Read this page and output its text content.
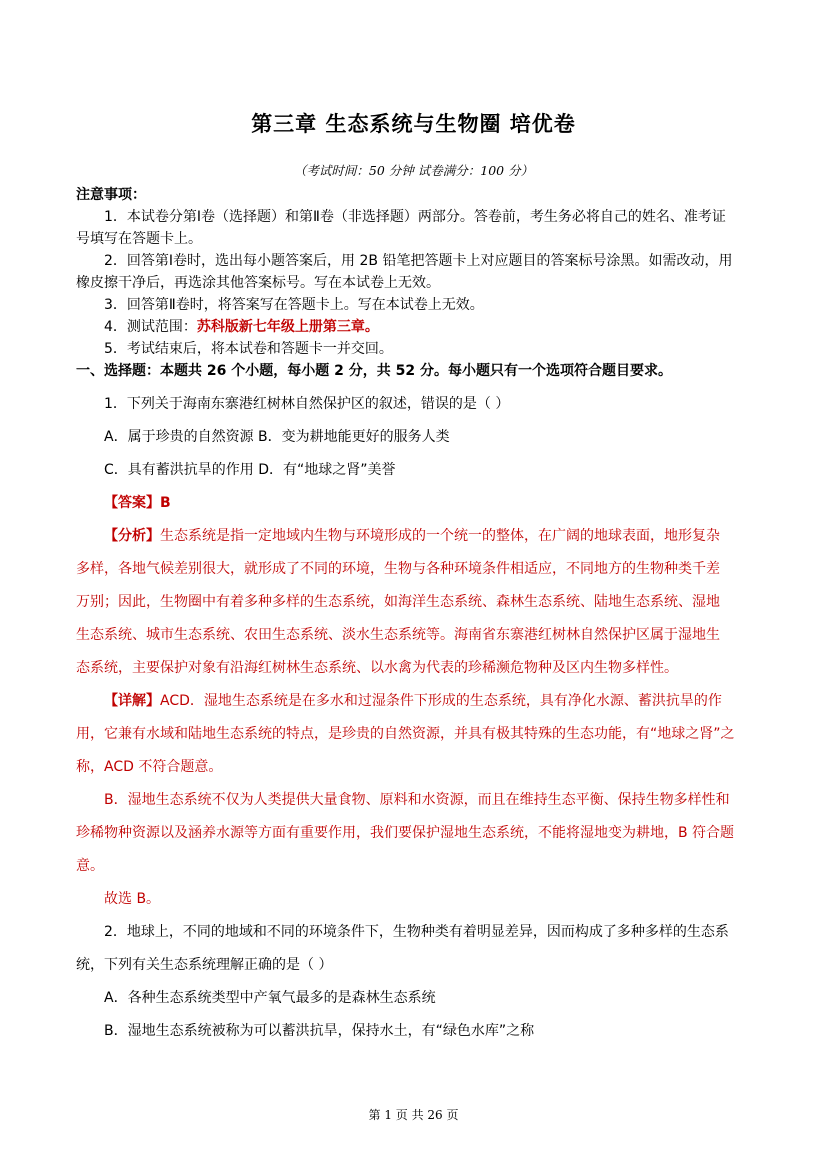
第三章 生态系统与生物圈 培优卷
（考试时间：50 分钟 试卷满分：100 分）
注意事项：
1．本试卷分第Ⅰ卷（选择题）和第Ⅱ卷（非选择题）两部分。答卷前，考生务必将自己的姓名、准考证
号填写在答题卡上。
2．回答第Ⅰ卷时，选出每小题答案后，用 2B 铅笔把答题卡上对应题目的答案标号涂黑。如需改动，用
橡皮擦干净后，再选涂其他答案标号。写在本试卷上无效。
3．回答第Ⅱ卷时，将答案写在答题卡上。写在本试卷上无效。
4．测试范围：苏科版新七年级上册第三章。
5．考试结束后，将本试卷和答题卡一并交回。
一、选择题：本题共 26 个小题，每小题 2 分，共 52 分。每小题只有一个选项符合题目要求。
1．下列关于海南东寨港红树林自然保护区的叙述，错误的是（ ）
A．属于珍贵的自然资源 B．变为耕地能更好的服务人类
C．具有蓄洪抗旱的作用 D．有“地球之肾”美誉
【答案】B
【分析】生态系统是指一定地域内生物与环境形成的一个统一的整体，在广阔的地球表面，地形复杂
多样，各地气候差别很大，就形成了不同的环境，生物与各种环境条件相适应，不同地方的生物种类千差
万别；因此，生物圈中有着多种多样的生态系统，如海洋生态系统、森林生态系统、陆地生态系统、湿地
生态系统、城市生态系统、农田生态系统、淡水生态系统等。海南省东寨港红树林自然保护区属于湿地生
态系统，主要保护对象有沿海红树林生态系统、以水禽为代表的珍稀濒危物种及区内生物多样性。
【详解】ACD．湿地生态系统是在多水和过湿条件下形成的生态系统，具有净化水源、蓄洪抗旱的作
用，它兼有水域和陆地生态系统的特点，是珍贵的自然资源，并具有极其特殊的生态功能，有“地球之肾”之
称，ACD 不符合题意。
B．湿地生态系统不仅为人类提供大量食物、原料和水资源，而且在维持生态平衡、保持生物多样性和
珍稀物种资源以及涵养水源等方面有重要作用，我们要保护湿地生态系统，不能将湿地变为耕地，B 符合题
意。
故选 B。
2．地球上，不同的地域和不同的环境条件下，生物种类有着明显差异，因而构成了多种多样的生态系
统，下列有关生态系统理解正确的是（ ）
A．各种生态系统类型中产氧气最多的是森林生态系统
B．湿地生态系统被称为可以蓄洪抗旱，保持水土，有“绿色水库”之称
第 1 页 共 26 页
